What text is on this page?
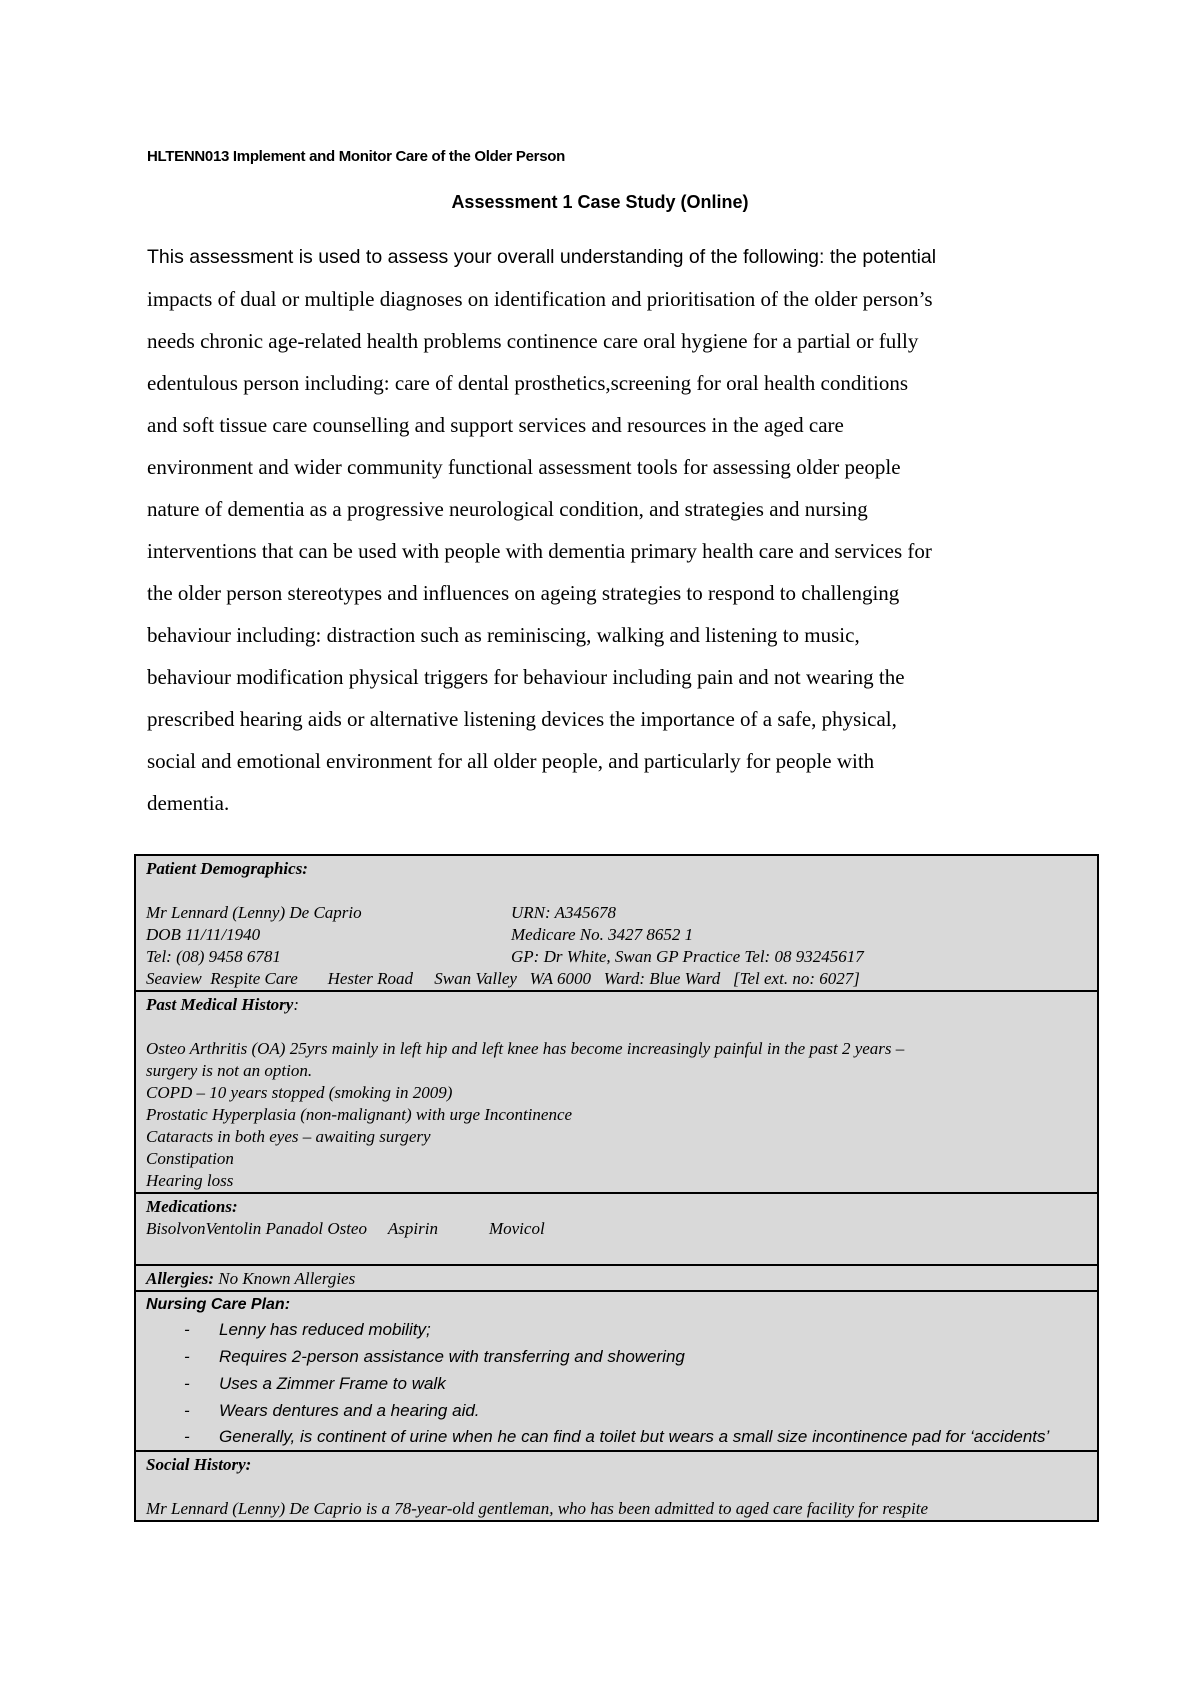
HLTENN013 Implement and Monitor Care of the Older Person
Assessment 1 Case Study (Online)

This assessment is used to assess your overall understanding of the following: the potential
impacts of dual or multiple diagnoses on identification and prioritisation of the older person’s
needs chronic age-related health problems continence care oral hygiene for a partial or fully
edentulous person including: care of dental prosthetics,screening for oral health conditions
and soft tissue care counselling and support services and resources in the aged care
environment and wider community functional assessment tools for assessing older people
nature of dementia as a progressive neurological condition, and strategies and nursing
interventions that can be used with people with dementia primary health care and services for
the older person stereotypes and influences on ageing strategies to respond to challenging
behaviour including: distraction such as reminiscing, walking and listening to music,
behaviour modification physical triggers for behaviour including pain and not wearing the
prescribed hearing aids or alternative listening devices the importance of a safe, physical,
social and emotional environment for all older people, and particularly for people with
dementia.

Patient Demographics:
Mr Lennard (Lenny) De Caprio	URN: A345678
DOB 11/11/1940	Medicare No. 3427 8652 1
Tel: (08) 9458 6781	GP: Dr White, Swan GP Practice Tel: 08 93245617
Seaview  Respite Care       Hester Road     Swan Valley   WA 6000   Ward: Blue Ward   [Tel ext. no: 6027]
Past Medical History:
Osteo Arthritis (OA) 25yrs mainly in left hip and left knee has become increasingly painful in the past 2 years –
surgery is not an option.
COPD – 10 years stopped (smoking in 2009)
Prostatic Hyperplasia (non-malignant) with urge Incontinence
Cataracts in both eyes – awaiting surgery
Constipation
Hearing loss
Medications:
BisolvonVentolin Panadol Osteo     Aspirin            Movicol
Allergies: No Known Allergies
Nursing Care Plan:
- Lenny has reduced mobility;
- Requires 2-person assistance with transferring and showering
- Uses a Zimmer Frame to walk
- Wears dentures and a hearing aid.
- Generally, is continent of urine when he can find a toilet but wears a small size incontinence pad for ‘accidents’
Social History:
Mr Lennard (Lenny) De Caprio is a 78-year-old gentleman, who has been admitted to aged care facility for respite
